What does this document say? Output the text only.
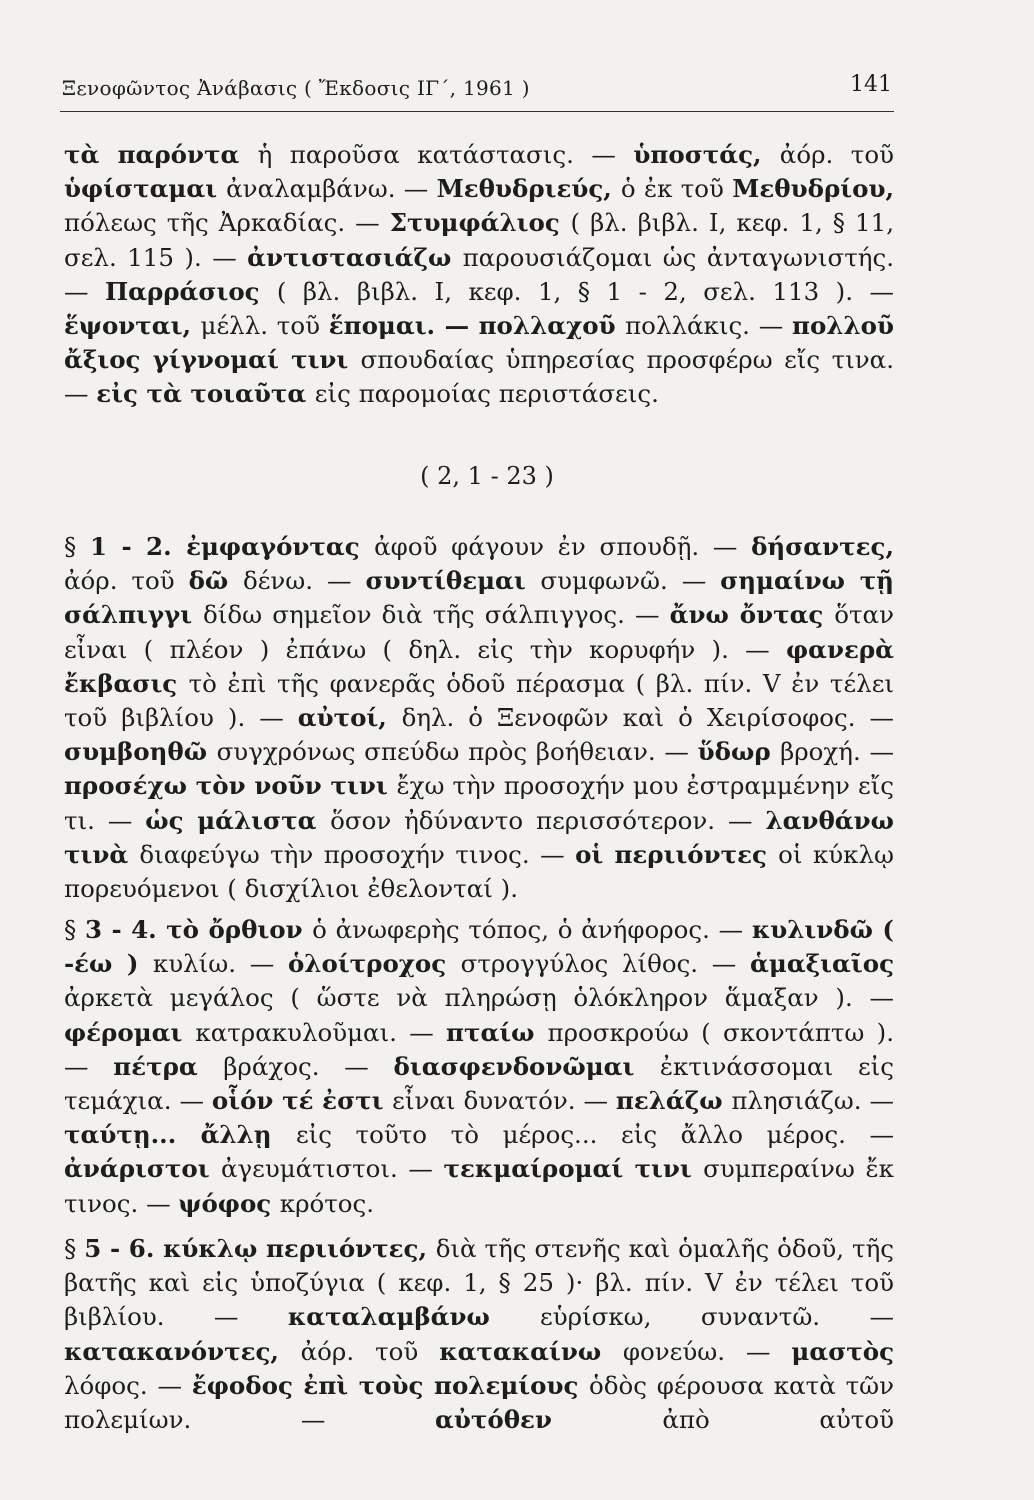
Ξενοφῶντος Ἀνάβασις ( Ἔκδοσις ΙΓ΄, 1961 )	141

τὰ παρόντα ἡ παροῦσα κατάστασις. — ὑποστάς, ἀόρ. τοῦ ὑφίσταμαι ἀναλαμβάνω. — Μεθυδριεύς, ὁ ἐκ τοῦ Μεθυδρίου, πόλεως τῆς Ἀρκαδίας. — Στυμφάλιος ( βλ. βιβλ. Ι, κεφ. 1, § 11, σελ. 115 ). — ἀντιστασιάζω παρουσιάζομαι ὡς ἀνταγωνιστής. — Παρράσιος ( βλ. βιβλ. Ι, κεφ. 1, § 1 - 2, σελ. 113 ). — ἕψονται, μέλλ. τοῦ ἕπομαι. — πολλαχοῦ πολλάκις. — πολλοῦ ἄξιος γίγνομαί τινι σπουδαίας ὑπηρεσίας προσφέρω εἴς τινα. — εἰς τὰ τοιαῦτα εἰς παρομοίας περιστάσεις.

( 2, 1 - 23 )

§ 1 - 2. ἐμφαγόντας ἀφοῦ φάγουν ἐν σπουδῇ. — δήσαντες, ἀόρ. τοῦ δῶ δένω. — συντίθεμαι συμφωνῶ. — σημαίνω τῇ σάλπιγγι δίδω σημεῖον διὰ τῆς σάλπιγγος. — ἄνω ὄντας ὅταν εἶναι ( πλέον ) ἐπάνω ( δηλ. εἰς τὴν κορυφήν ). — φανερὰ ἔκβασις τὸ ἐπὶ τῆς φανερᾶς ὁδοῦ πέρασμα ( βλ. πίν. V ἐν τέλει τοῦ βιβλίου ). — αὐτοί, δηλ. ὁ Ξενοφῶν καὶ ὁ Χειρίσοφος. — συμβοηθῶ συγχρόνως σπεύδω πρὸς βοήθειαν. — ὕδωρ βροχή. — προσέχω τὸν νοῦν τινι ἔχω τὴν προσοχήν μου ἐστραμμένην εἴς τι. — ὡς μάλιστα ὅσον ἠδύναντο περισσότερον. — λανθάνω τινὰ διαφεύγω τὴν προσοχήν τινος. — οἱ περιιόντες οἱ κύκλῳ πορευόμενοι ( δισχίλιοι ἐθελονταί ).

§ 3 - 4. τὸ ὄρθιον ὁ ἀνωφερὴς τόπος, ὁ ἀνήφορος. — κυλινδῶ ( -έω ) κυλίω. — ὁλοίτροχος στρογγύλος λίθος. — ἁμαξιαῖος ἀρκετὰ μεγάλος ( ὥστε νὰ πληρώσῃ ὁλόκληρον ἅμαξαν ). — φέρομαι κατρακυλοῦμαι. — πταίω προσκρούω ( σκοντάπτω ). — πέτρα βράχος. — διασφενδονῶμαι ἐκτινάσσομαι εἰς τεμάχια. — οἷόν τέ ἐστι εἶναι δυνατόν. — πελάζω πλησιάζω. — ταύτῃ... ἄλλῃ εἰς τοῦτο τὸ μέρος... εἰς ἄλλο μέρος. — ἀνάριστοι ἀγευμάτιστοι. — τεκμαίρομαί τινι συμπεραίνω ἔκ τινος. — ψόφος κρότος.

§ 5 - 6. κύκλῳ περιιόντες, διὰ τῆς στενῆς καὶ ὁμαλῆς ὁδοῦ, τῆς βατῆς καὶ εἰς ὑποζύγια ( κεφ. 1, § 25 )· βλ. πίν. V ἐν τέλει τοῦ βιβλίου. — καταλαμβάνω εὑρίσκω, συναντῶ. — κατακανόντες, ἀόρ. τοῦ κατακαίνω φονεύω. — μαστὸς λόφος. — ἔφοδος ἐπὶ τοὺς πολεμίους ὁδὸς φέρουσα κατὰ τῶν πολεμίων. — αὐτόθεν ἀπὸ αὐτοῦ
